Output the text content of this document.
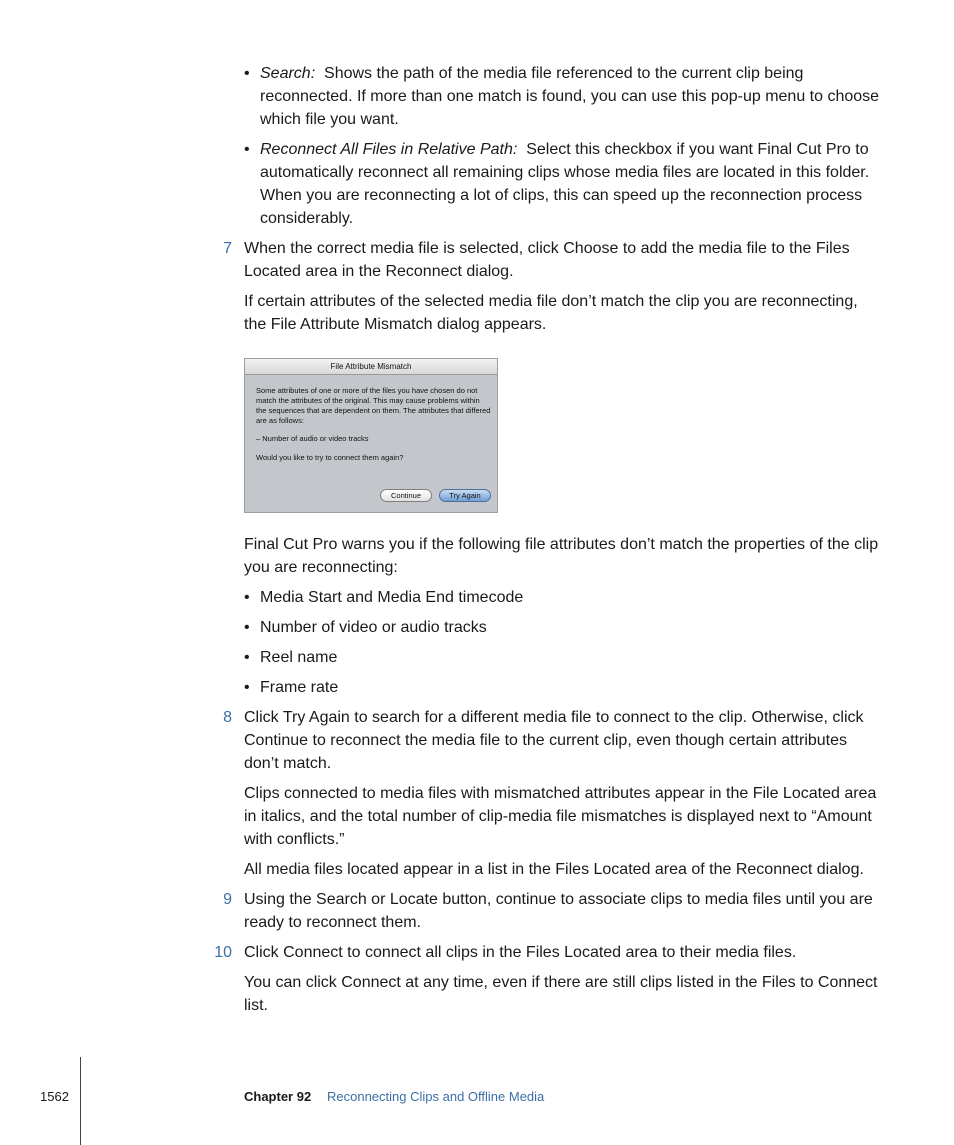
• Search: Shows the path of the media file referenced to the current clip being reconnected. If more than one match is found, you can use this pop-up menu to choose which file you want.
• Reconnect All Files in Relative Path: Select this checkbox if you want Final Cut Pro to automatically reconnect all remaining clips whose media files are located in this folder. When you are reconnecting a lot of clips, this can speed up the reconnection process considerably.
7 When the correct media file is selected, click Choose to add the media file to the Files Located area in the Reconnect dialog.

If certain attributes of the selected media file don’t match the clip you are reconnecting, the File Attribute Mismatch dialog appears.

File Attribute Mismatch

Some attributes of one or more of the files you have chosen do not match the attributes of the original. This may cause problems within the sequences that are dependent on them. The attributes that differed are as follows:

– Number of audio or video tracks

Would you like to try to connect them again?

Continue	Try Again

Final Cut Pro warns you if the following file attributes don’t match the properties of the clip you are reconnecting:

• Media Start and Media End timecode
• Number of video or audio tracks
• Reel name
• Frame rate
8 Click Try Again to search for a different media file to connect to the clip. Otherwise, click Continue to reconnect the media file to the current clip, even though certain attributes don’t match.

Clips connected to media files with mismatched attributes appear in the File Located area in italics, and the total number of clip-media file mismatches is displayed next to “Amount with conflicts.”

All media files located appear in a list in the Files Located area of the Reconnect dialog.

9 Using the Search or Locate button, continue to associate clips to media files until you are ready to reconnect them.
10 Click Connect to connect all clips in the Files Located area to their media files.

You can click Connect at any time, even if there are still clips listed in the Files to Connect list.

1562	Chapter 92 Reconnecting Clips and Offline Media
